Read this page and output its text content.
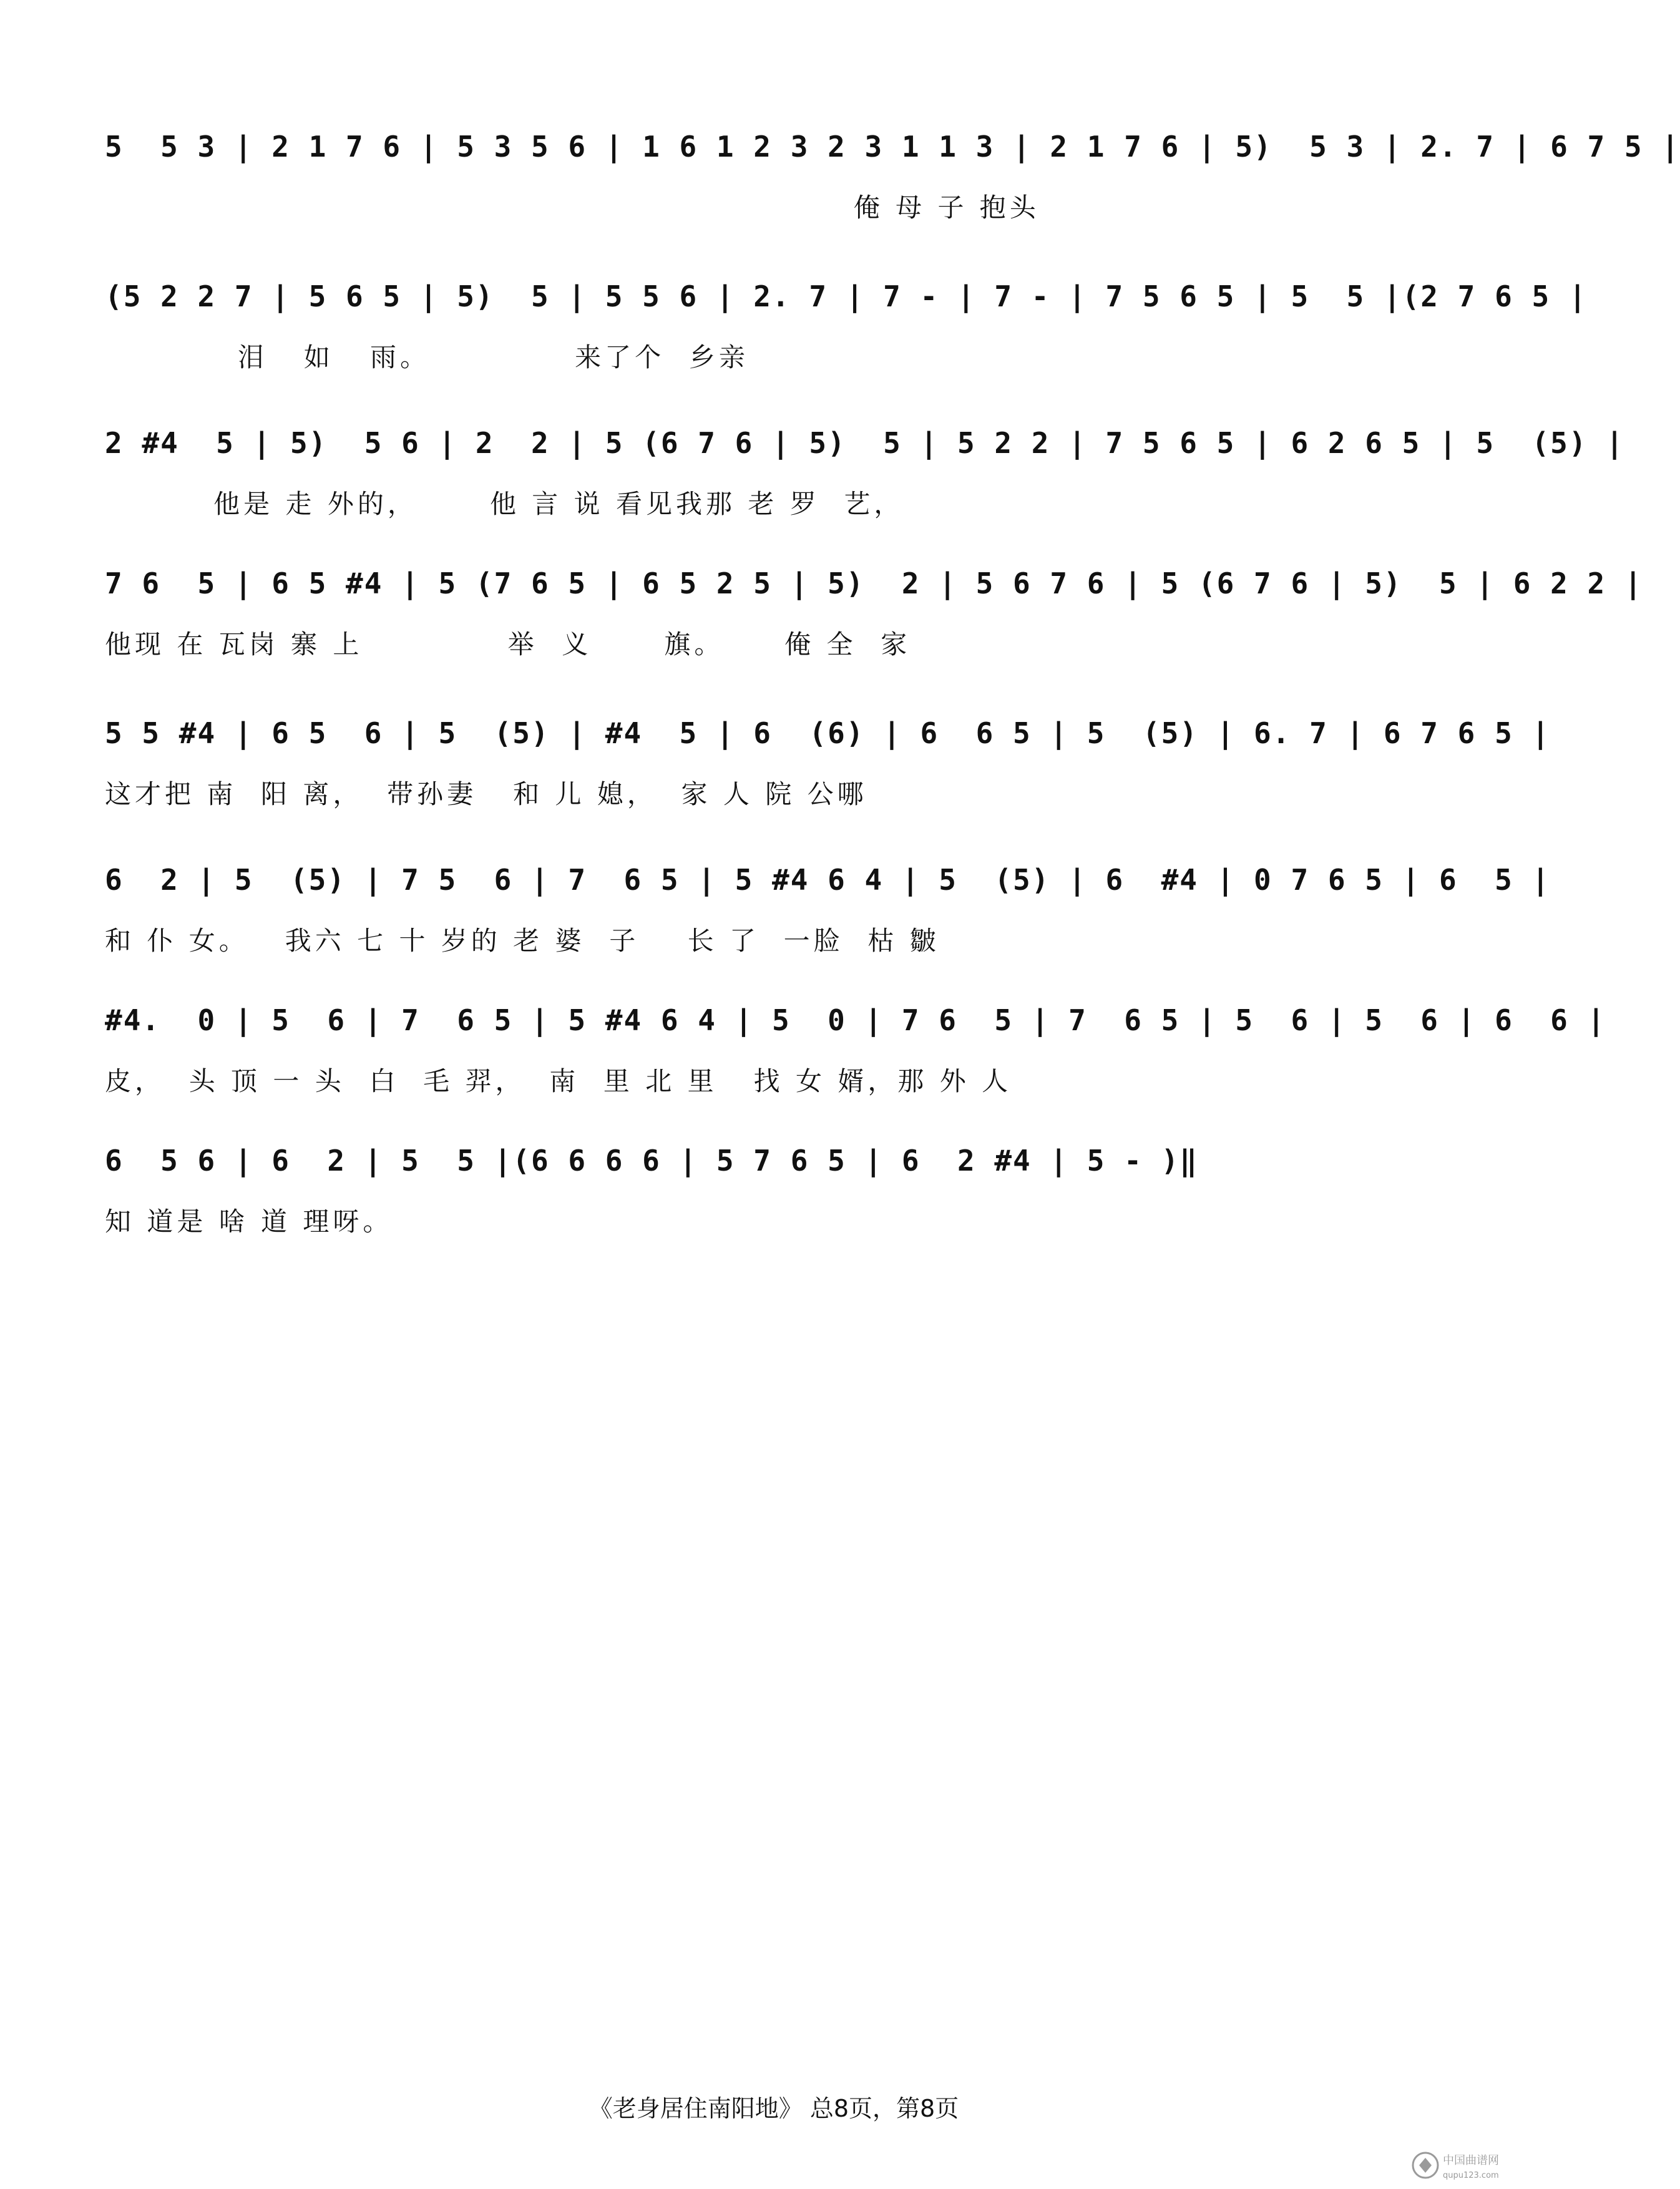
5  5 3 | 2 1 7 6 | 5 3 5 6 | 1 6 1 2 3 2 3 1 1 3 | 2 1 7 6 | 5)  5 3 | 2. 7 | 6 7 5 |
俺 母 子 抱头
(5 2 2 7 | 5 6 5 | 5)  5 | 5 5 6 | 2. 7 | 7 - | 7 - | 7 5 6 5 | 5  5 |(2 7 6 5 |
泪   如   雨。            来了个  乡亲
2 #4  5 | 5)  5 6 | 2  2 | 5 (6 7 6 | 5)  5 | 5 2 2 | 7 5 6 5 | 6 2 6 5 | 5  (5) |
他是 走 外的，      他 言 说 看见我那 老 罗  艺，
7 6  5 | 6 5 #4 | 5 (7 6 5 | 6 5 2 5 | 5)  2 | 5 6 7 6 | 5 (6 7 6 | 5)  5 | 6 2 2 |
他现 在 瓦岗 寨 上            举  义      旗。     俺 全  家
5 5 #4 | 6 5  6 | 5  (5) | #4  5 | 6  (6) | 6  6 5 | 5  (5) | 6. 7 | 6 7 6 5 |
这才把 南  阳 离，  带孙妻   和 儿 媳，  家 人 院 公哪
6  2 | 5  (5) | 7 5  6 | 7  6 5 | 5 #4 6 4 | 5  (5) | 6  #4 | 0 7 6 5 | 6  5 |
和 仆 女。   我六 七 十 岁的 老 婆  子    长 了  一脸  枯 皺
#4.  0 | 5  6 | 7  6 5 | 5 #4 6 4 | 5  0 | 7 6  5 | 7  6 5 | 5  6 | 5  6 | 6  6 |
皮，  头 顶 一 头  白  毛 羿，  南  里 北 里   找 女 婿，那 外 人
6  5 6 | 6  2 | 5  5 |(6 6 6 6 | 5 7 6 5 | 6  2 #4 | 5 - )‖
知 道是 啥 道 理呀。
《老身居住南阳地》 总8页，第8页
中国曲谱网
qupu123.com
